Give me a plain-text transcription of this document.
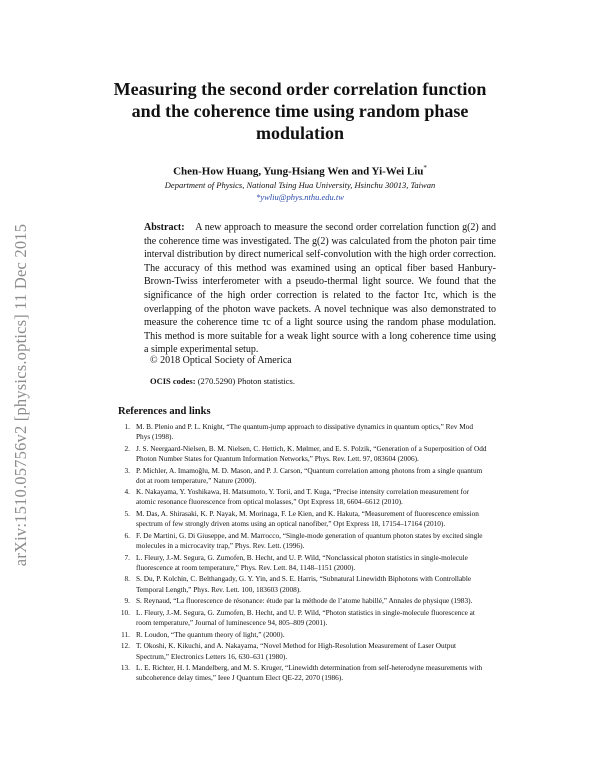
arXiv:1510.05756v2 [physics.optics] 11 Dec 2015
Measuring the second order correlation function and the coherence time using random phase modulation
Chen-How Huang, Yung-Hsiang Wen and Yi-Wei Liu*
Department of Physics, National Tsing Hua University, Hsinchu 30013, Taiwan
*ywliu@phys.nthu.edu.tw
Abstract: A new approach to measure the second order correlation function g(2) and the coherence time was investigated. The g(2) was calculated from the photon pair time interval distribution by direct numerical self-convolution with the high order correction. The accuracy of this method was examined using an optical fiber based Hanbury-Brown-Twiss interferometer with a pseudo-thermal light source. We found that the significance of the high order correction is related to the factor Iτc, which is the overlapping of the photon wave packets. A novel technique was also demonstrated to measure the coherence time τc of a light source using the random phase modulation. This method is more suitable for a weak light source with a long coherence time using a simple experimental setup.
© 2018 Optical Society of America
OCIS codes: (270.5290) Photon statistics.
References and links
1. M. B. Plenio and P. L. Knight, “The quantum-jump approach to dissipative dynamics in quantum optics,” Rev Mod Phys (1998).
2. J. S. Neergaard-Nielsen, B. M. Nielsen, C. Hettich, K. Mølmer, and E. S. Polzik, “Generation of a Superposition of Odd Photon Number States for Quantum Information Networks,” Phys. Rev. Lett. 97, 083604 (2006).
3. P. Michler, A. Imamoğlu, M. D. Mason, and P. J. Carson, “Quantum correlation among photons from a single quantum dot at room temperature,” Nature (2000).
4. K. Nakayama, Y. Yoshikawa, H. Matsumoto, Y. Torii, and T. Kuga, “Precise intensity correlation measurement for atomic resonance fluorescence from optical molasses,” Opt Express 18, 6604–6612 (2010).
5. M. Das, A. Shirasaki, K. P. Nayak, M. Morinaga, F. Le Kien, and K. Hakuta, “Measurement of fluorescence emission spectrum of few strongly driven atoms using an optical nanofiber,” Opt Express 18, 17154–17164 (2010).
6. F. De Martini, G. Di Giuseppe, and M. Marrocco, “Single-mode generation of quantum photon states by excited single molecules in a microcavity trap,” Phys. Rev. Lett. (1996).
7. L. Fleury, J.-M. Segura, G. Zumofen, B. Hecht, and U. P. Wild, “Nonclassical photon statistics in single-molecule fluorescence at room temperature,” Phys. Rev. Lett. 84, 1148–1151 (2000).
8. S. Du, P. Kolchin, C. Belthangady, G. Y. Yin, and S. E. Harris, “Subnatural Linewidth Biphotons with Controllable Temporal Length,” Phys. Rev. Lett. 100, 183603 (2008).
9. S. Reynaud, “La fluorescence de résonance: étude par la méthode de l’atome habillé,” Annales de physique (1983).
10. L. Fleury, J.-M. Segura, G. Zumofen, B. Hecht, and U. P. Wild, “Photon statistics in single-molecule fluorescence at room temperature,” Journal of luminescence 94, 805–809 (2001).
11. R. Loudon, “The quantum theory of light,” (2000).
12. T. Okoshi, K. Kikuchi, and A. Nakayama, “Novel Method for High-Resolution Measurement of Laser Output Spectrum,” Electronics Letters 16, 630–631 (1980).
13. L. E. Richter, H. I. Mandelberg, and M. S. Kruger, “Linewidth determination from self-heterodyne measurements with subcoherence delay times,” Ieee J Quantum Elect QE-22, 2070 (1986).
